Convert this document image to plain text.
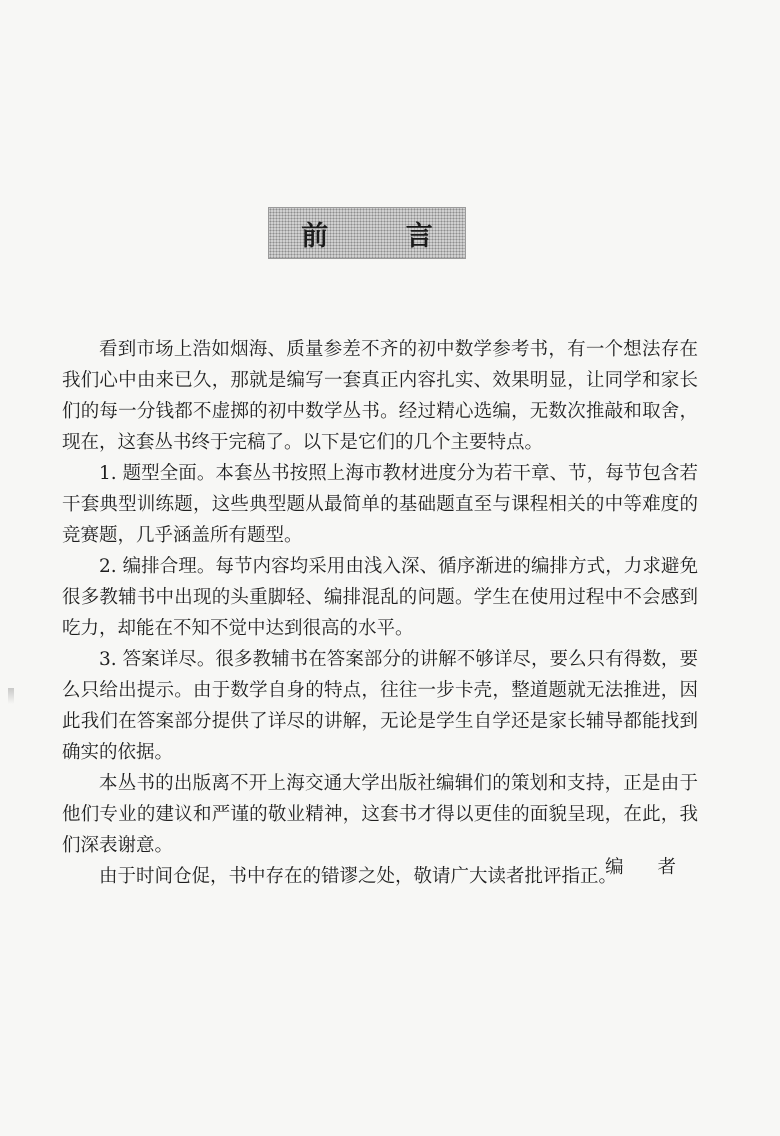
前 言

看到市场上浩如烟海、质量参差不齐的初中数学参考书，有一个想法存在我们心中由来已久，那就是编写一套真正内容扎实、效果明显，让同学和家长们的每一分钱都不虚掷的初中数学丛书。经过精心选编，无数次推敲和取舍，现在，这套丛书终于完稿了。以下是它们的几个主要特点。

1. 题型全面。本套丛书按照上海市教材进度分为若干章、节，每节包含若干套典型训练题，这些典型题从最简单的基础题直至与课程相关的中等难度的竞赛题，几乎涵盖所有题型。

2. 编排合理。每节内容均采用由浅入深、循序渐进的编排方式，力求避免很多教辅书中出现的头重脚轻、编排混乱的问题。学生在使用过程中不会感到吃力，却能在不知不觉中达到很高的水平。

3. 答案详尽。很多教辅书在答案部分的讲解不够详尽，要么只有得数，要么只给出提示。由于数学自身的特点，往往一步卡壳，整道题就无法推进，因此我们在答案部分提供了详尽的讲解，无论是学生自学还是家长辅导都能找到确实的依据。

本丛书的出版离不开上海交通大学出版社编辑们的策划和支持，正是由于他们专业的建议和严谨的敬业精神，这套书才得以更佳的面貌呈现，在此，我们深表谢意。

由于时间仓促，书中存在的错谬之处，敬请广大读者批评指正。

编 者
